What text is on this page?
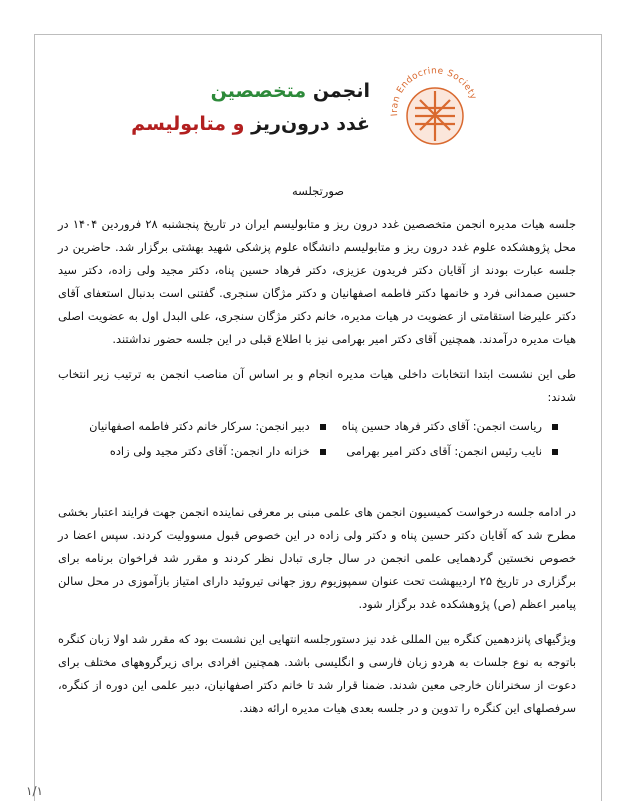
انجمن متخصصین
غدد درون‌ریز و متابولیسم	Iran Endocrine Society
صورتجلسه

جلسه هیات مدیره انجمن متخصصین غدد درون ریز و متابولیسم ایران در تاریخ پنجشنبه ۲۸ فروردین ۱۴۰۴ در محل پژوهشکده علوم غدد درون ریز و متابولیسم دانشگاه علوم پزشکی شهید بهشتی برگزار شد. حاضرین در جلسه عبارت بودند از آقایان دکتر فریدون عزیزی، دکتر فرهاد حسین پناه، دکتر مجید ولی زاده، دکتر سید حسین صمدانی فرد و خانمها دکتر فاطمه اصفهانیان و دکتر مژگان سنجری. گفتنی است بدنبال استعفای آقای دکتر علیرضا استقامتی از عضویت در هیات مدیره، خانم دکتر مژگان سنجری، علی البدل اول به عضویت اصلی هیات مدیره درآمدند. همچنین آقای دکتر امیر بهرامی نیز با اطلاع قبلی در این جلسه حضور نداشتند.

طی این نشست ابتدا انتخابات داخلی هیات مدیره انجام و بر اساس آن مناصب انجمن به ترتیب زیر انتخاب شدند:

ریاست انجمن: آقای دکتر فرهاد حسین پناه
دبیر انجمن: سرکار خانم دکتر فاطمه اصفهانیان
نایب رئیس انجمن: آقای دکتر امیر بهرامی
خزانه دار انجمن: آقای دکتر مجید ولی زاده

در ادامه جلسه درخواست کمیسیون انجمن های علمی مبنی بر معرفی نماینده انجمن جهت فرایند اعتبار بخشی مطرح شد که آقایان دکتر حسین پناه و دکتر ولی زاده در این خصوص قبول مسوولیت کردند. سپس اعضا در خصوص نخستین گردهمایی علمی انجمن در سال جاری تبادل نظر کردند و مقرر شد فراخوان برنامه برای برگزاری در تاریخ ۲۵ اردیبهشت تحت عنوان سمپوزیوم روز جهانی تیروئید دارای امتیاز بازآموزی در محل سالن پیامبر اعظم (ص) پژوهشکده غدد برگزار شود.

ویژگیهای پانزدهمین کنگره بین المللی غدد نیز دستورجلسه انتهایی این نشست بود که مقرر شد اولا زبان کنگره باتوجه به نوع جلسات به هردو زبان فارسی و انگلیسی باشد. همچنین افرادی برای زیرگروههای مختلف برای دعوت از سخنرانان خارجی معین شدند. ضمنا قرار شد تا خانم دکتر اصفهانیان، دبیر علمی این دوره از کنگره، سرفصلهای این کنگره را تدوین و در جلسه بعدی هیات مدیره ارائه دهند.

۱/۱
